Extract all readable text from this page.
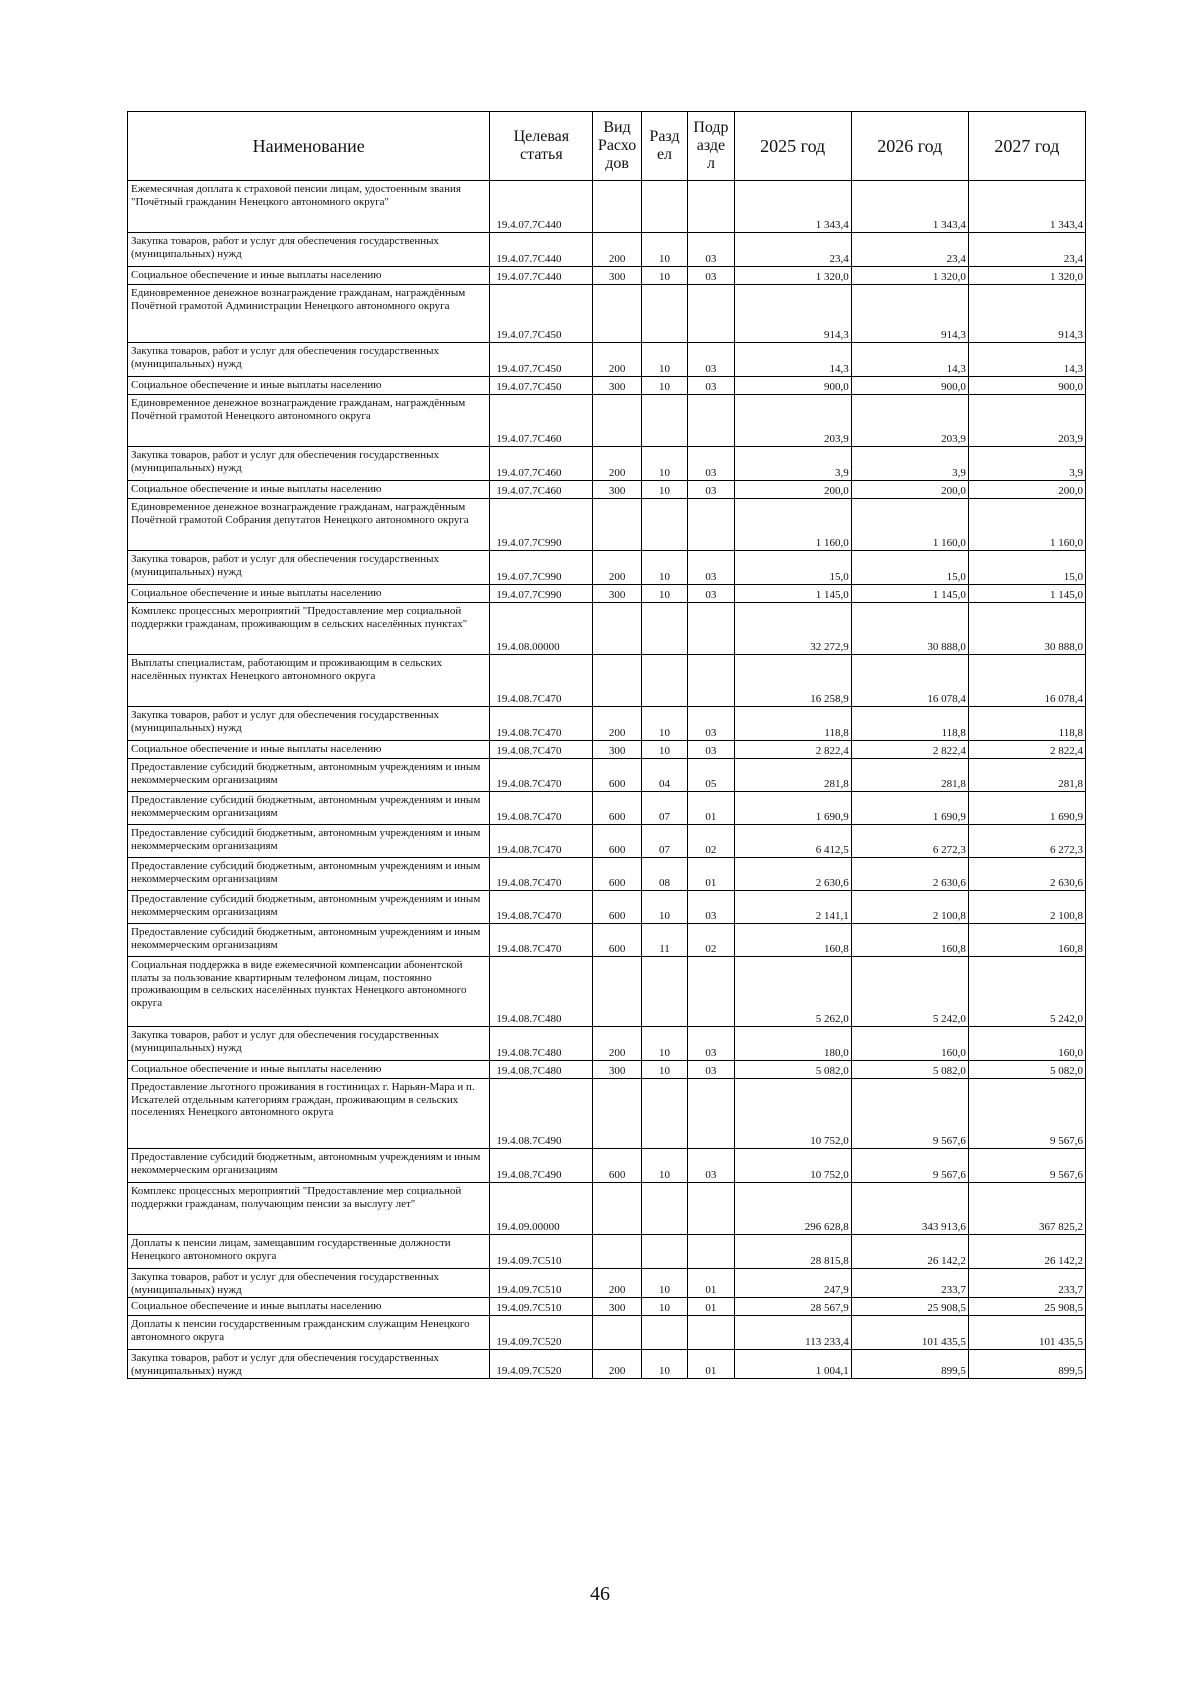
Наименование	Целевая статья	Вид Расхо дов	Разд ел	Подр азде л	2025 год	2026 год	2027 год
Ежемесячная доплата к страховой пенсии лицам, удостоенным звания "Почётный гражданин Ненецкого автономного округа"	19.4.07.7С440				1 343,4	1 343,4	1 343,4
Закупка товаров, работ и услуг для обеспечения государственных (муниципальных) нужд	19.4.07.7С440	200	10	03	23,4	23,4	23,4
Социальное обеспечение и иные выплаты населению	19.4.07.7С440	300	10	03	1 320,0	1 320,0	1 320,0
Единовременное денежное вознаграждение гражданам, награждённым Почётной грамотой Администрации Ненецкого автономного округа	19.4.07.7С450				914,3	914,3	914,3
Закупка товаров, работ и услуг для обеспечения государственных (муниципальных) нужд	19.4.07.7С450	200	10	03	14,3	14,3	14,3
Социальное обеспечение и иные выплаты населению	19.4.07.7С450	300	10	03	900,0	900,0	900,0
Единовременное денежное вознаграждение гражданам, награждённым Почётной грамотой Ненецкого автономного округа	19.4.07.7С460				203,9	203,9	203,9
Закупка товаров, работ и услуг для обеспечения государственных (муниципальных) нужд	19.4.07.7С460	200	10	03	3,9	3,9	3,9
Социальное обеспечение и иные выплаты населению	19.4.07.7С460	300	10	03	200,0	200,0	200,0
Единовременное денежное вознаграждение гражданам, награждённым Почётной грамотой Собрания депутатов Ненецкого автономного округа	19.4.07.7С990				1 160,0	1 160,0	1 160,0
Закупка товаров, работ и услуг для обеспечения государственных (муниципальных) нужд	19.4.07.7С990	200	10	03	15,0	15,0	15,0
Социальное обеспечение и иные выплаты населению	19.4.07.7С990	300	10	03	1 145,0	1 145,0	1 145,0
Комплекс процессных мероприятий "Предоставление мер социальной поддержки гражданам, проживающим в сельских населённых пунктах"	19.4.08.00000				32 272,9	30 888,0	30 888,0
Выплаты специалистам, работающим и проживающим в сельских населённых пунктах Ненецкого автономного округа	19.4.08.7С470				16 258,9	16 078,4	16 078,4
Закупка товаров, работ и услуг для обеспечения государственных (муниципальных) нужд	19.4.08.7С470	200	10	03	118,8	118,8	118,8
Социальное обеспечение и иные выплаты населению	19.4.08.7С470	300	10	03	2 822,4	2 822,4	2 822,4
Предоставление субсидий бюджетным, автономным учреждениям и иным некоммерческим организациям	19.4.08.7С470	600	04	05	281,8	281,8	281,8
Предоставление субсидий бюджетным, автономным учреждениям и иным некоммерческим организациям	19.4.08.7С470	600	07	01	1 690,9	1 690,9	1 690,9
Предоставление субсидий бюджетным, автономным учреждениям и иным некоммерческим организациям	19.4.08.7С470	600	07	02	6 412,5	6 272,3	6 272,3
Предоставление субсидий бюджетным, автономным учреждениям и иным некоммерческим организациям	19.4.08.7С470	600	08	01	2 630,6	2 630,6	2 630,6
Предоставление субсидий бюджетным, автономным учреждениям и иным некоммерческим организациям	19.4.08.7С470	600	10	03	2 141,1	2 100,8	2 100,8
Предоставление субсидий бюджетным, автономным учреждениям и иным некоммерческим организациям	19.4.08.7С470	600	11	02	160,8	160,8	160,8
Социальная поддержка в виде ежемесячной компенсации абонентской платы за пользование квартирным телефоном лицам, постоянно проживающим в сельских населённых пунктах Ненецкого автономного округа	19.4.08.7С480				5 262,0	5 242,0	5 242,0
Закупка товаров, работ и услуг для обеспечения государственных (муниципальных) нужд	19.4.08.7С480	200	10	03	180,0	160,0	160,0
Социальное обеспечение и иные выплаты населению	19.4.08.7С480	300	10	03	5 082,0	5 082,0	5 082,0
Предоставление льготного проживания в гостиницах г. Нарьян-Мара и п. Искателей отдельным категориям граждан, проживающим в сельских поселениях Ненецкого автономного округа	19.4.08.7С490				10 752,0	9 567,6	9 567,6
Предоставление субсидий бюджетным, автономным учреждениям и иным некоммерческим организациям	19.4.08.7С490	600	10	03	10 752,0	9 567,6	9 567,6
Комплекс процессных мероприятий "Предоставление мер социальной поддержки гражданам, получающим пенсии за выслугу лет"	19.4.09.00000				296 628,8	343 913,6	367 825,2
Доплаты к пенсии лицам, замещавшим государственные должности Ненецкого автономного округа	19.4.09.7С510				28 815,8	26 142,2	26 142,2
Закупка товаров, работ и услуг для обеспечения государственных (муниципальных) нужд	19.4.09.7С510	200	10	01	247,9	233,7	233,7
Социальное обеспечение и иные выплаты населению	19.4.09.7С510	300	10	01	28 567,9	25 908,5	25 908,5
Доплаты к пенсии государственным гражданским служащим Ненецкого автономного округа	19.4.09.7С520				113 233,4	101 435,5	101 435,5
Закупка товаров, работ и услуг для обеспечения государственных (муниципальных) нужд	19.4.09.7С520	200	10	01	1 004,1	899,5	899,5
46
